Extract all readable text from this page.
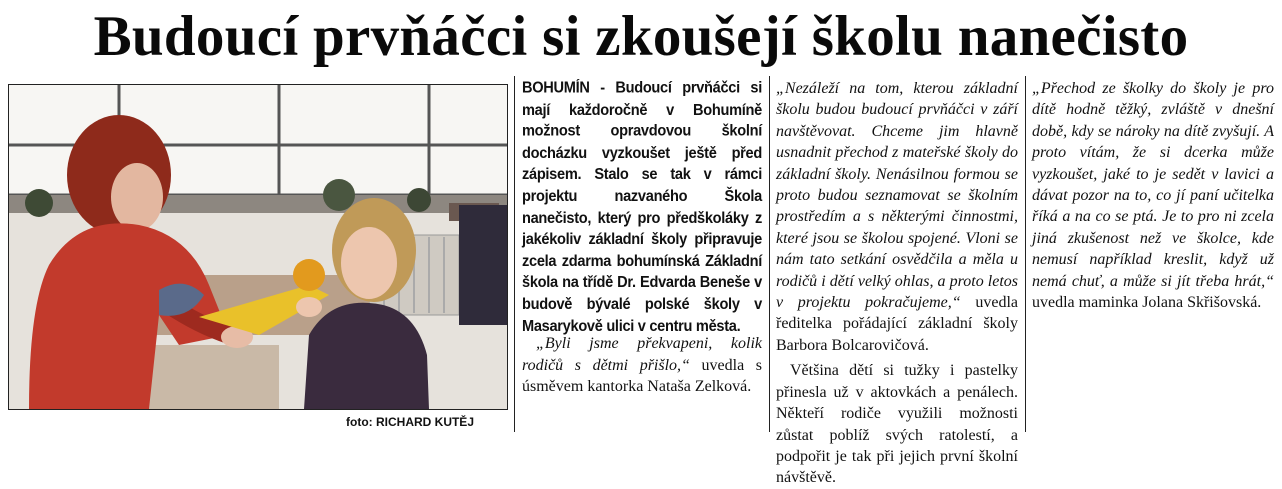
Budoucí prvňáčci si zkoušejí školu nanečisto
foto: RICHARD KUTĚJ

BOHUMÍN - Budoucí prvňáčci si mají každoročně v Bohumíně možnost opravdovou školní docházku vyzkoušet ještě před zápisem. Stalo se tak v rámci projektu nazvaného Škola nanečisto, který pro předškoláky z jakékoliv základní školy připravuje zcela zdarma bohumínská Základní škola na třídě Dr. Edvarda Beneše v budově bývalé polské školy v Masarykově ulici v centru města.

„Byli jsme překvapeni, kolik rodičů s dětmi přišlo,“ uvedla s úsměvem kantorka Nataša Zelková.

„Nezáleží na tom, kterou základní školu budou budoucí prvňáčci v září navštěvovat. Chceme jim hlavně usnadnit přechod z mateřské školy do základní školy. Nenásilnou formou se proto budou seznamovat se školním prostředím a s některými činnostmi, které jsou se školou spojené. Vloni se nám tato setkání osvědčila a měla u rodičů i dětí velký ohlas, a proto letos v projektu pokračujeme,“ uvedla ředitelka pořádající základní školy Barbora Bolcarovičová.

Většina dětí si tužky i pastelky přinesla už v aktovkách a penálech. Někteří rodiče využili možnosti zůstat poblíž svých ratolestí, a podpořit je tak při jejich první školní návštěvě.

„Přechod ze školky do školy je pro dítě hodně těžký, zvláště v dnešní době, kdy se nároky na dítě zvyšují. A proto vítám, že si dcerka může vyzkoušet, jaké to je sedět v lavici a dávat pozor na to, co jí paní učitelka říká a na co se ptá. Je to pro ni zcela jiná zkušenost než ve školce, kde nemusí například kreslit, když už nemá chuť, a může si jít třeba hrát,“ uvedla maminka Jolana Skřišovská.
